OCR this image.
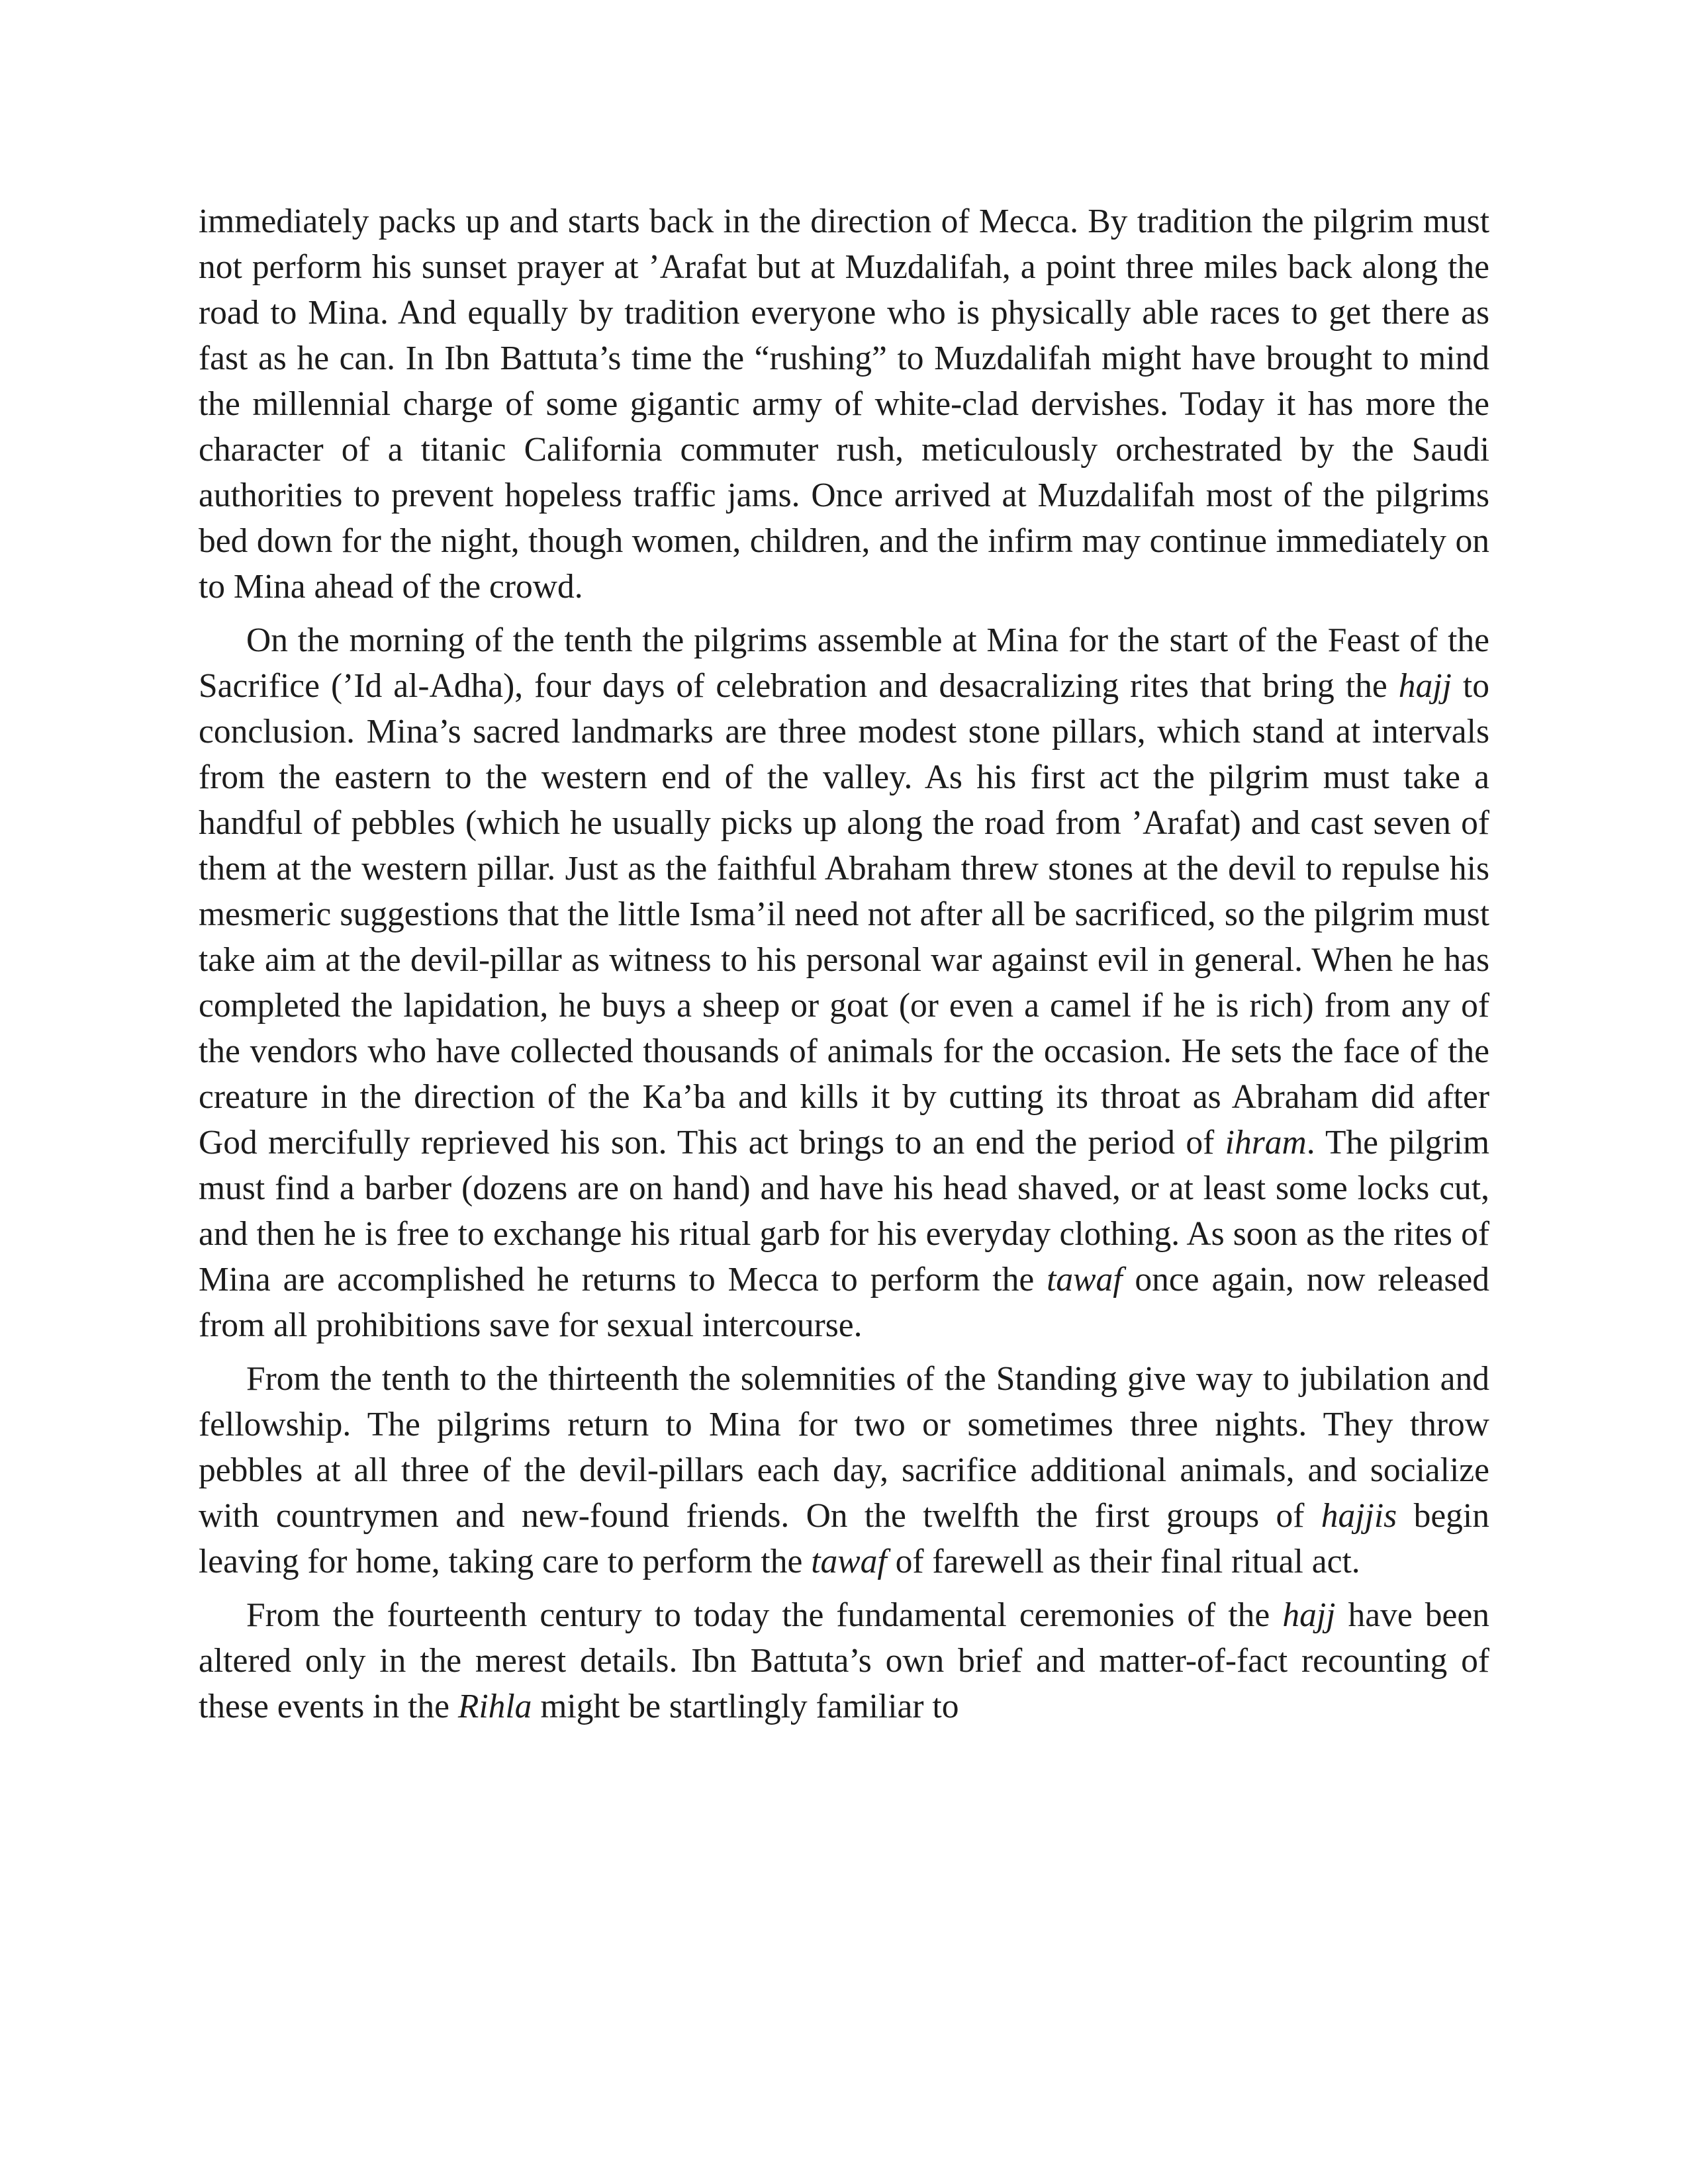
immediately packs up and starts back in the direction of Mecca. By tradition the pilgrim must not perform his sunset prayer at ’Arafat but at Muzdalifah, a point three miles back along the road to Mina. And equally by tradition everyone who is physically able races to get there as fast as he can. In Ibn Battuta’s time the “rushing” to Muzdalifah might have brought to mind the millennial charge of some gigantic army of white-clad dervishes. Today it has more the character of a titanic California commuter rush, meticulously orchestrated by the Saudi authorities to prevent hopeless traffic jams. Once arrived at Muzdalifah most of the pilgrims bed down for the night, though women, children, and the infirm may continue immediately on to Mina ahead of the crowd.

On the morning of the tenth the pilgrims assemble at Mina for the start of the Feast of the Sacrifice (’Id al-Adha), four days of celebration and desacralizing rites that bring the hajj to conclusion. Mina’s sacred landmarks are three modest stone pillars, which stand at intervals from the eastern to the western end of the valley. As his first act the pilgrim must take a handful of pebbles (which he usually picks up along the road from ’Arafat) and cast seven of them at the western pillar. Just as the faithful Abraham threw stones at the devil to repulse his mesmeric suggestions that the little Isma’il need not after all be sacrificed, so the pilgrim must take aim at the devil-pillar as witness to his personal war against evil in general. When he has completed the lapidation, he buys a sheep or goat (or even a camel if he is rich) from any of the vendors who have collected thousands of animals for the occasion. He sets the face of the creature in the direction of the Ka’ba and kills it by cutting its throat as Abraham did after God mercifully reprieved his son. This act brings to an end the period of ihram. The pilgrim must find a barber (dozens are on hand) and have his head shaved, or at least some locks cut, and then he is free to exchange his ritual garb for his everyday clothing. As soon as the rites of Mina are accomplished he returns to Mecca to perform the tawaf once again, now released from all prohibitions save for sexual intercourse.

From the tenth to the thirteenth the solemnities of the Standing give way to jubilation and fellowship. The pilgrims return to Mina for two or sometimes three nights. They throw pebbles at all three of the devil-pillars each day, sacrifice additional animals, and socialize with countrymen and new-found friends. On the twelfth the first groups of hajjis begin leaving for home, taking care to perform the tawaf of farewell as their final ritual act.

From the fourteenth century to today the fundamental ceremonies of the hajj have been altered only in the merest details. Ibn Battuta’s own brief and matter-of-fact recounting of these events in the Rihla might be startlingly familiar to
